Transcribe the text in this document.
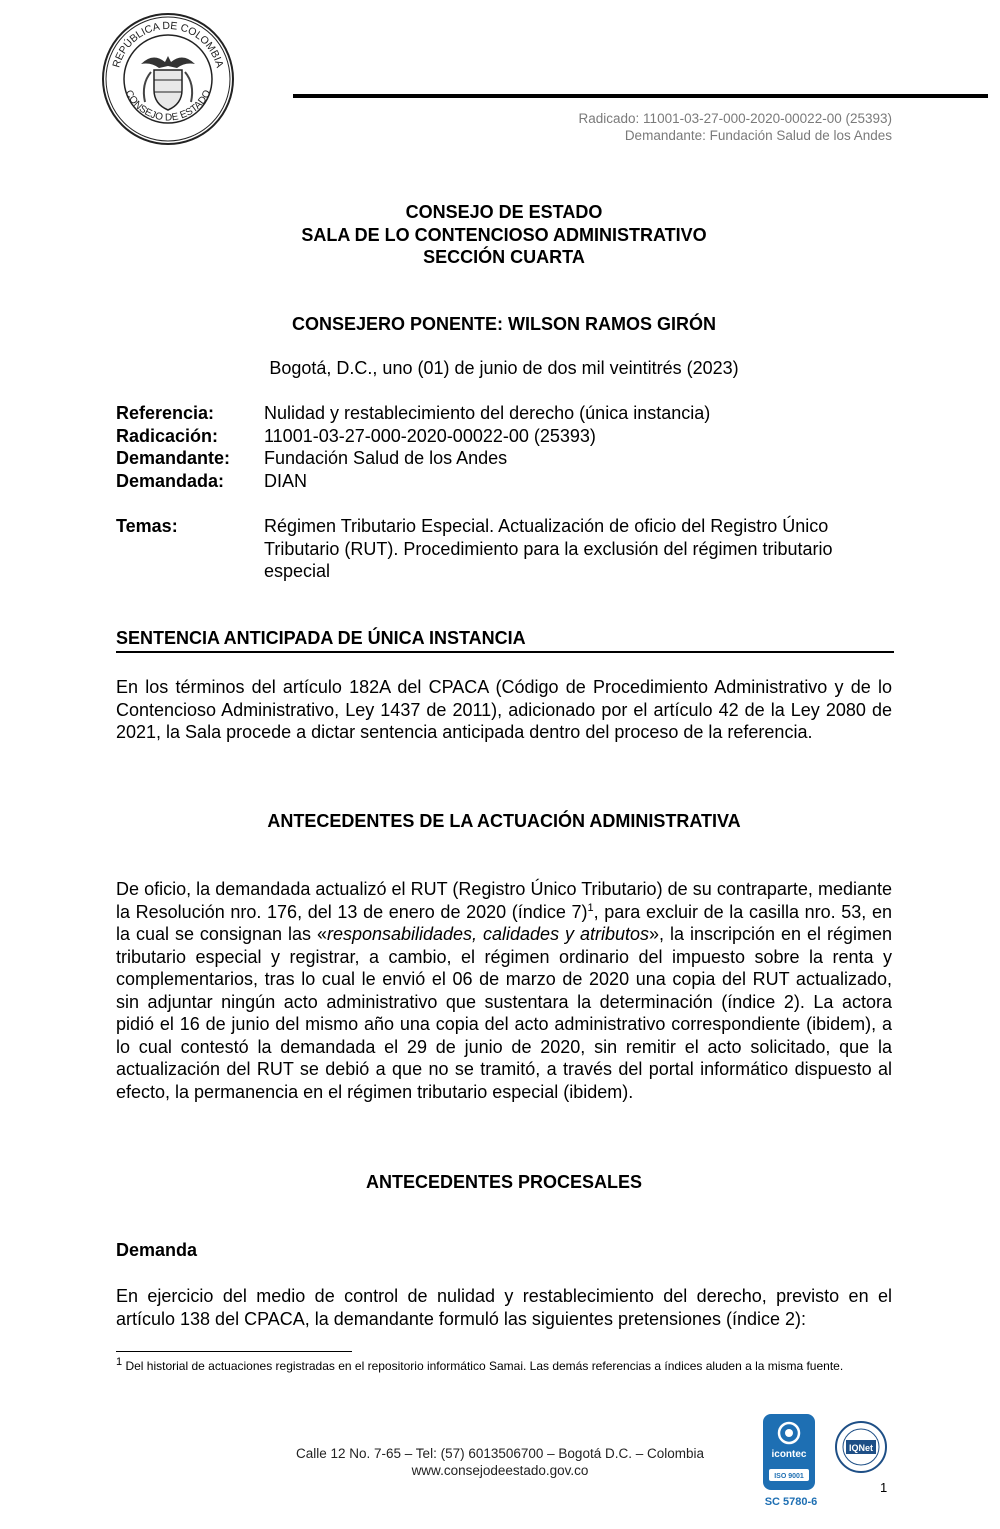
REPÚBLICA DE COLOMBIA
CONSEJO DE ESTADO
Radicado: 11001-03-27-000-2020-00022-00 (25393)
Demandante: Fundación Salud de los Andes
CONSEJO DE ESTADO
SALA DE LO CONTENCIOSO ADMINISTRATIVO
SECCIÓN CUARTA
CONSEJERO PONENTE: WILSON RAMOS GIRÓN
Bogotá, D.C., uno (01) de junio de dos mil veintitrés (2023)
Referencia:	Nulidad y restablecimiento del derecho (única instancia)
Radicación:	11001-03-27-000-2020-00022-00 (25393)
Demandante:	Fundación Salud de los Andes
Demandada:	DIAN
Temas:	Régimen Tributario Especial. Actualización de oficio del Registro Único Tributario (RUT). Procedimiento para la exclusión del régimen tributario especial
SENTENCIA ANTICIPADA DE ÚNICA INSTANCIA
En los términos del artículo 182A del CPACA (Código de Procedimiento Administrativo y de lo Contencioso Administrativo, Ley 1437 de 2011), adicionado por el artículo 42 de la Ley 2080 de 2021, la Sala procede a dictar sentencia anticipada dentro del proceso de la referencia.
ANTECEDENTES DE LA ACTUACIÓN ADMINISTRATIVA
De oficio, la demandada actualizó el RUT (Registro Único Tributario) de su contraparte, mediante la Resolución nro. 176, del 13 de enero de 2020 (índice 7)$^1$, para excluir de la casilla nro. 53, en la cual se consignan las «responsabilidades, calidades y atributos», la inscripción en el régimen tributario especial y registrar, a cambio, el régimen ordinario del impuesto sobre la renta y complementarios, tras lo cual le envió el 06 de marzo de 2020 una copia del RUT actualizado, sin adjuntar ningún acto administrativo que sustentara la determinación (índice 2). La actora pidió el 16 de junio del mismo año una copia del acto administrativo correspondiente (ibidem), a lo cual contestó la demandada el 29 de junio de 2020, sin remitir el acto solicitado, que la actualización del RUT se debió a que no se tramitó, a través del portal informático dispuesto al efecto, la permanencia en el régimen tributario especial (ibidem).
ANTECEDENTES PROCESALES
Demanda
En ejercicio del medio de control de nulidad y restablecimiento del derecho, previsto en el artículo 138 del CPACA, la demandante formuló las siguientes pretensiones (índice 2):
$^1$ Del historial de actuaciones registradas en el repositorio informático Samai. Las demás referencias a índices aluden a la misma fuente.
Calle 12 No. 7-65 – Tel: (57) 6013506700 – Bogotá D.C. – Colombia
www.consejodeestado.gov.co
icontec
ISO 9001
IQNet
SC 5780-6
1
